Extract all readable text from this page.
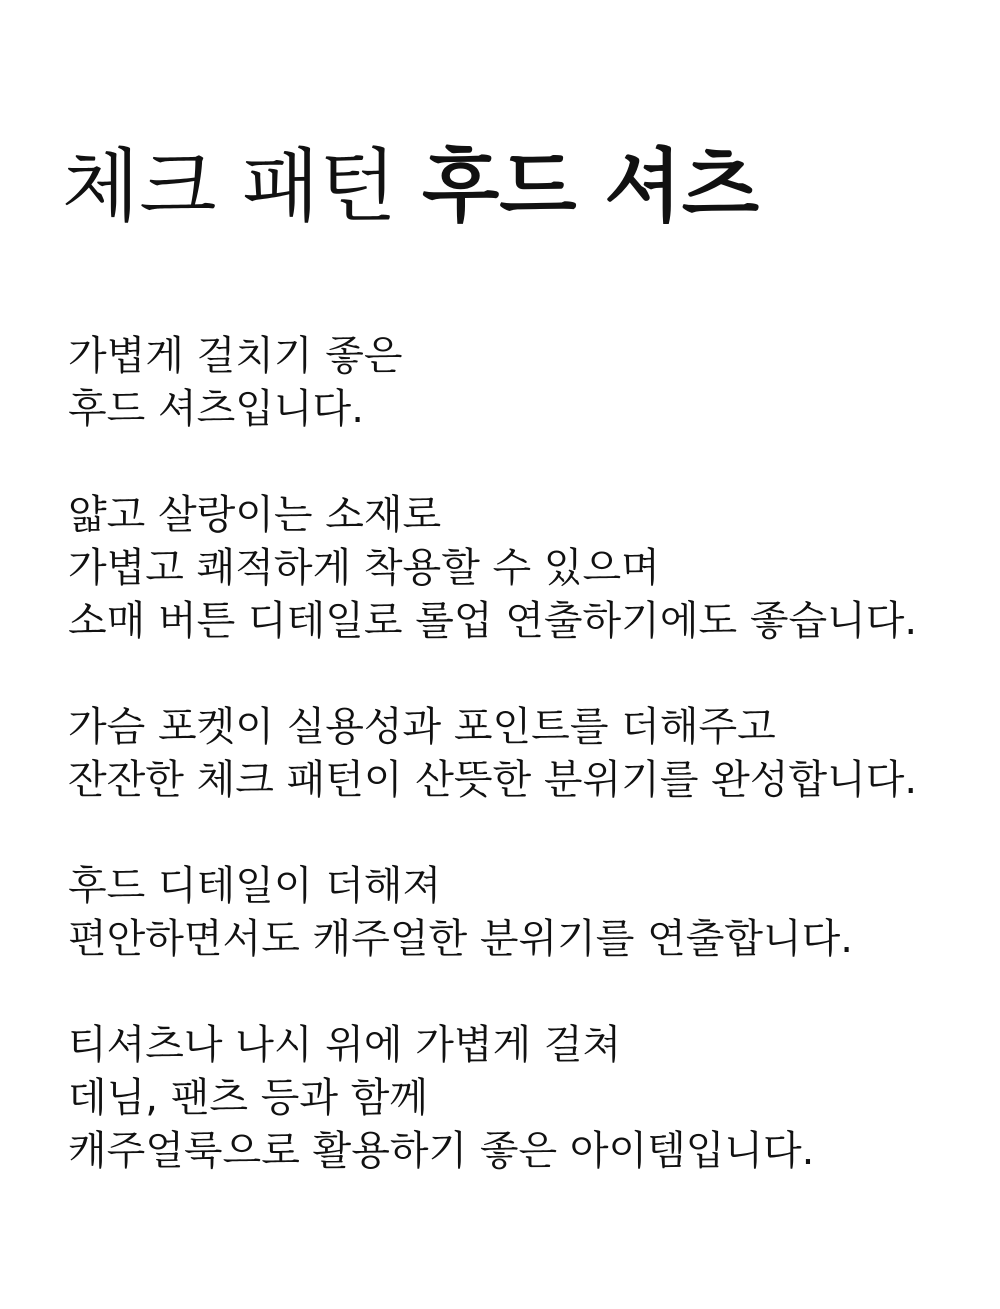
체크 패턴 후드 셔츠

가볍게 걸치기 좋은
후드 셔츠입니다.

얇고 살랑이는 소재로
가볍고 쾌적하게 착용할 수 있으며
소매 버튼 디테일로 롤업 연출하기에도 좋습니다.

가슴 포켓이 실용성과 포인트를 더해주고
잔잔한 체크 패턴이 산뜻한 분위기를 완성합니다.

후드 디테일이 더해져
편안하면서도 캐주얼한 분위기를 연출합니다.

티셔츠나 나시 위에 가볍게 걸쳐
데님, 팬츠 등과 함께
캐주얼룩으로 활용하기 좋은 아이템입니다.
